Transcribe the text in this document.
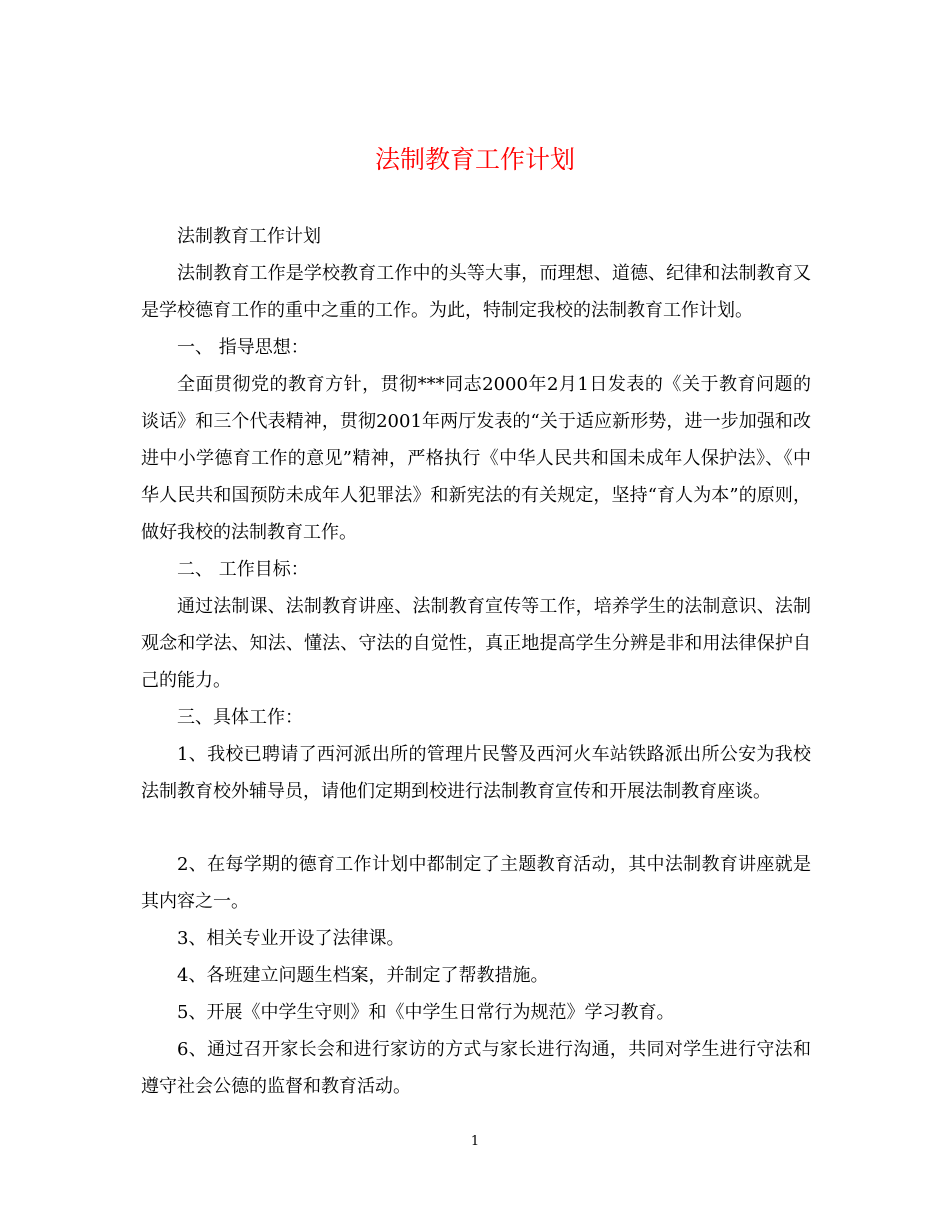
法制教育工作计划

法制教育工作计划

法制教育工作是学校教育工作中的头等大事，而理想、道德、纪律和法制教育又是学校德育工作的重中之重的工作。为此，特制定我校的法制教育工作计划。

一、 指导思想：

全面贯彻党的教育方针，贯彻***同志2000年2月1日发表的《关于教育问题的谈话》和三个代表精神，贯彻2001年两厅发表的“关于适应新形势，进一步加强和改进中小学德育工作的意见”精神，严格执行《中华人民共和国未成年人保护法》、《中华人民共和国预防未成年人犯罪法》和新宪法的有关规定，坚持“育人为本”的原则，做好我校的法制教育工作。

二、 工作目标：

通过法制课、法制教育讲座、法制教育宣传等工作，培养学生的法制意识、法制观念和学法、知法、懂法、守法的自觉性，真正地提高学生分辨是非和用法律保护自己的能力。

三、具体工作：

1、我校已聘请了西河派出所的管理片民警及西河火车站铁路派出所公安为我校法制教育校外辅导员，请他们定期到校进行法制教育宣传和开展法制教育座谈。

2、在每学期的德育工作计划中都制定了主题教育活动，其中法制教育讲座就是其内容之一。

3、相关专业开设了法律课。

4、各班建立问题生档案，并制定了帮教措施。

5、开展《中学生守则》和《中学生日常行为规范》学习教育。

6、通过召开家长会和进行家访的方式与家长进行沟通，共同对学生进行守法和遵守社会公德的监督和教育活动。

1
